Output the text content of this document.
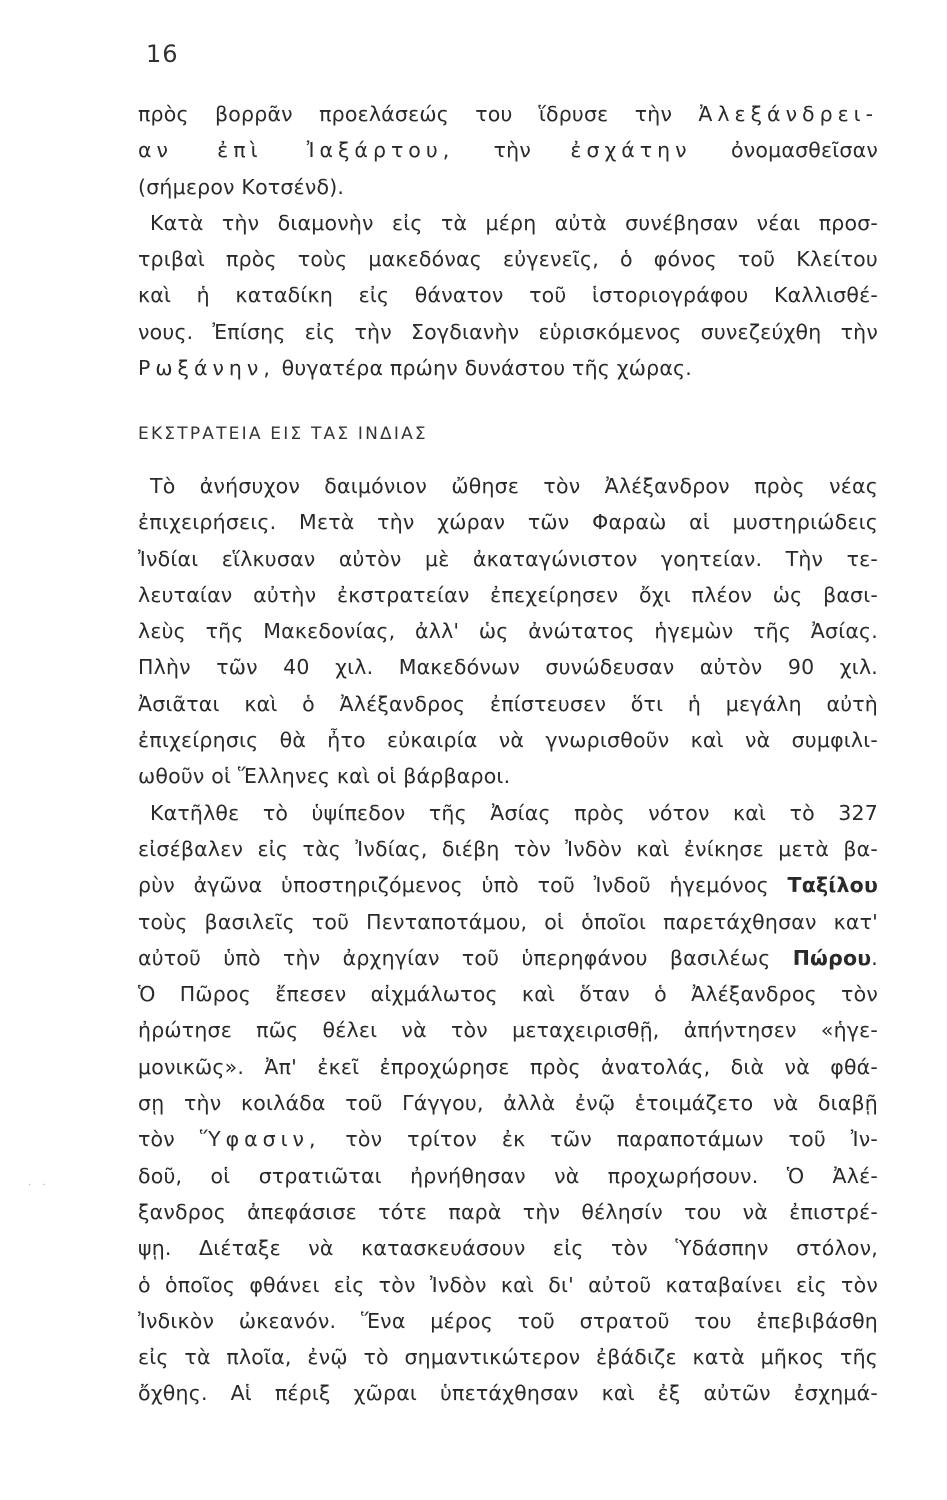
16
πρὸς βορρᾶν προελάσεώς του ἵδρυσε τὴν Ἀλεξάνδρει-
αν ἐπὶ Ἰαξάρτου, τὴν ἐσχάτην ὀνομασθεῖσαν
(σήμερον Κοτσένδ).
Κατὰ τὴν διαμονὴν εἰς τὰ μέρη αὐτὰ συνέβησαν νέαι προσ-
τριβαὶ πρὸς τοὺς μακεδόνας εὐγενεῖς, ὁ φόνος τοῦ Κλείτου
καὶ ἡ καταδίκη εἰς θάνατον τοῦ ἱστοριογράφου Καλλισθέ-
νους. Ἐπίσης εἰς τὴν Σογδιανὴν εὑρισκόμενος συνεζεύχθη τὴν
Ρωξάνην, θυγατέρα πρώην δυνάστου τῆς χώρας.
ΕΚΣΤΡΑΤΕΙΑ ΕΙΣ ΤΑΣ ΙΝΔΙΑΣ
Τὸ ἀνήσυχον δαιμόνιον ὤθησε τὸν Ἀλέξανδρον πρὸς νέας
ἐπιχειρήσεις. Μετὰ τὴν χώραν τῶν Φαραὼ αἱ μυστηριώδεις
Ἰνδίαι εἵλκυσαν αὐτὸν μὲ ἀκαταγώνιστον γοητείαν. Τὴν τε-
λευταίαν αὐτὴν ἐκστρατείαν ἐπεχείρησεν ὄχι πλέον ὡς βασι-
λεὺς τῆς Μακεδονίας, ἀλλ' ὡς ἀνώτατος ἡγεμὼν τῆς Ἀσίας.
Πλὴν τῶν 40 χιλ. Μακεδόνων συνώδευσαν αὐτὸν 90 χιλ.
Ἀσιᾶται καὶ ὁ Ἀλέξανδρος ἐπίστευσεν ὅτι ἡ μεγάλη αὐτὴ
ἐπιχείρησις θὰ ἦτο εὐκαιρία νὰ γνωρισθοῦν καὶ νὰ συμφιλι-
ωθοῦν οἱ Ἕλληνες καὶ οἱ βάρβαροι.
Κατῆλθε τὸ ὑψίπεδον τῆς Ἀσίας πρὸς νότον καὶ τὸ 327
εἰσέβαλεν εἰς τὰς Ἰνδίας, διέβη τὸν Ἰνδὸν καὶ ἐνίκησε μετὰ βα-
ρὺν ἀγῶνα ὑποστηριζόμενος ὑπὸ τοῦ Ἰνδοῦ ἡγεμόνος Ταξίλου
τοὺς βασιλεῖς τοῦ Πενταποτάμου, οἱ ὁποῖοι παρετάχθησαν κατ'
αὐτοῦ ὑπὸ τὴν ἀρχηγίαν τοῦ ὑπερηφάνου βασιλέως Πώρου.
Ὁ Πῶρος ἔπεσεν αἰχμάλωτος καὶ ὅταν ὁ Ἀλέξανδρος τὸν
ἠρώτησε πῶς θέλει νὰ τὸν μεταχειρισθῇ, ἀπήντησεν «ἡγε-
μονικῶς». Ἀπ' ἐκεῖ ἐπροχώρησε πρὸς ἀνατολάς, διὰ νὰ φθά-
σῃ τὴν κοιλάδα τοῦ Γάγγου, ἀλλὰ ἐνῷ ἑτοιμάζετο νὰ διαβῇ
τὸν Ὕφασιν, τὸν τρίτον ἐκ τῶν παραποτάμων τοῦ Ἰν-
δοῦ, οἱ στρατιῶται ἠρνήθησαν νὰ προχωρήσουν. Ὁ Ἀλέ-
ξανδρος ἀπεφάσισε τότε παρὰ τὴν θέλησίν του νὰ ἐπιστρέ-
ψῃ. Διέταξε νὰ κατασκευάσουν εἰς τὸν Ὑδάσπην στόλον,
ὁ ὁποῖος φθάνει εἰς τὸν Ἰνδὸν καὶ δι' αὐτοῦ καταβαίνει εἰς τὸν
Ἰνδικὸν ὠκεανόν. Ἕνα μέρος τοῦ στρατοῦ του ἐπεβιβάσθη
εἰς τὰ πλοῖα, ἐνῷ τὸ σημαντικώτερον ἐβάδιζε κατὰ μῆκος τῆς
ὄχθης. Αἱ πέριξ χῶραι ὑπετάχθησαν καὶ ἐξ αὐτῶν ἐσχημά-
· ·
